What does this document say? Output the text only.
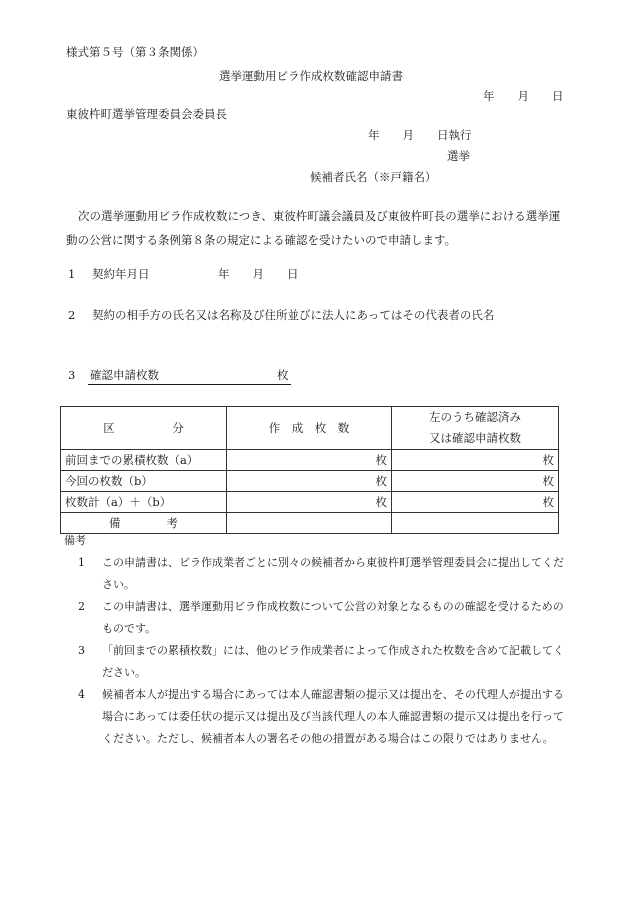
様式第５号（第３条関係）
選挙運動用ビラ作成枚数確認申請書
年　　月　　日
東彼杵町選挙管理委員会委員長
年　　月　　日執行
選挙
候補者氏名（※戸籍名）
次の選挙運動用ビラ作成枚数につき、東彼杵町議会議員及び東彼杵町長の選挙における選挙運動の公営に関する条例第８条の規定による確認を受けたいので申請します。
1 契約年月日	年　　月　　日
2 契約の相手方の氏名又は名称及び住所並びに法人にあってはその代表者の氏名
3 確認申請枚数	枚
区　　　　　分	作　成　枚　数	左のうち確認済み
又は確認申請枚数
前回までの累積枚数（a）	枚	枚
今回の枚数（b）	枚	枚
枚数計（a）＋（b）	枚	枚
備　　　　考		
備考
1 この申請書は、ビラ作成業者ごとに別々の候補者から東彼杵町選挙管理委員会に提出してください。
2 この申請書は、選挙運動用ビラ作成枚数について公営の対象となるものの確認を受けるためのものです。
3 「前回までの累積枚数」には、他のビラ作成業者によって作成された枚数を含めて記載してください。
4 候補者本人が提出する場合にあっては本人確認書類の提示又は提出を、その代理人が提出する場合にあっては委任状の提示又は提出及び当該代理人の本人確認書類の提示又は提出を行ってください。ただし、候補者本人の署名その他の措置がある場合はこの限りではありません。
